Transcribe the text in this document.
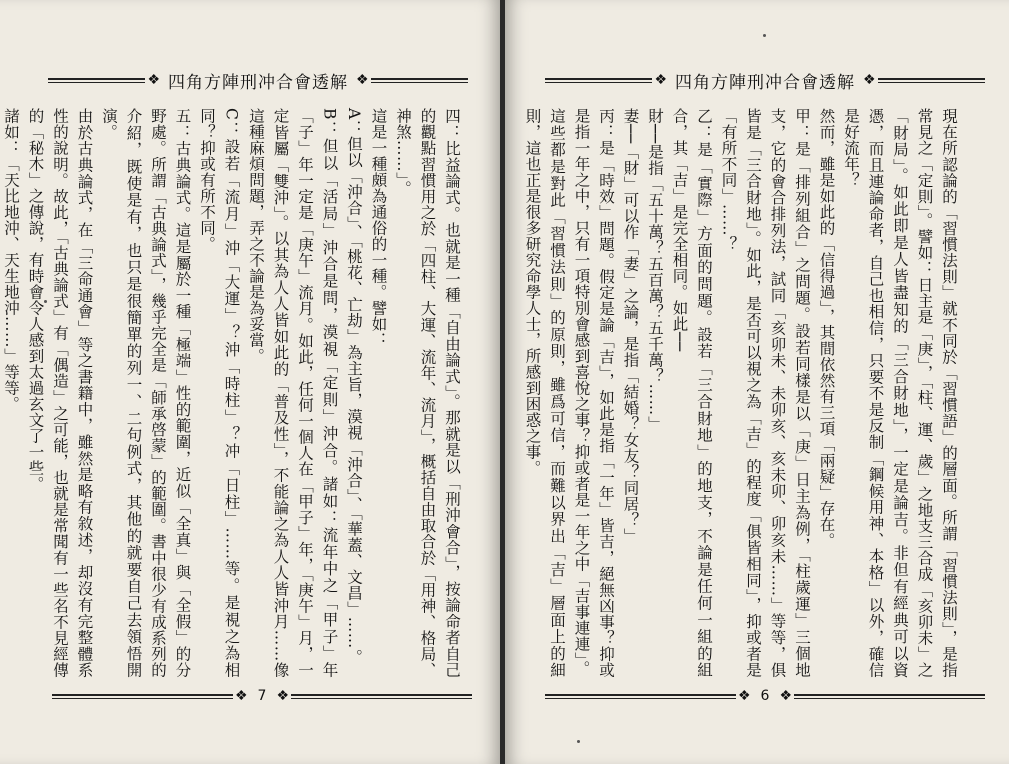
❖ 四角方陣刑冲合會透解 ❖

四：比益論式。也就是一種「自由論式」。那就是以「刑沖會合」，按論命者自己的觀點習慣用之於「四柱、大運、流年、流月」，概括自由取合於「用神、格局、神煞……」。

這是一種頗為通俗的一種。譬如：

A：但以「沖合」、「桃花、亡劫」為主旨，漠視「沖合」、「華蓋、文昌」……。

B：但以「活局」沖合是問，漠視「定則」沖合。諸如：流年中之「甲子」年「子」年一定是「庚午」流月。如此，任何一個人在「甲子」年，「庚午」月，一定皆屬「雙沖」。以其為人人皆如此的「普及性」，不能論之為人人皆沖月……像這種麻煩問題，弄之不論是為妥當。

C：設若「流月」沖「大運」？沖「時柱」？冲「日柱」……等。是視之為相同？抑或有所不同。

五：古典論式。這是屬於一種「極端」性的範圍，近似「全真」與「全假」的分野處。所謂「古典論式」，幾乎完全是「師承啓蒙」的範圍。書中很少有成系列的介紹，既使是有，也只是很簡單的列一、二句例式，其他的就要自己去領悟開演。

由於古典論式，在「三命通會」等之書籍中，雖然是略有敘述，却沒有完整體系性的說明。故此，「古典論式」有「偶造」之可能，也就是常聞有一些名不見經傳的「秘木」之傳說，有時會令人感到太過玄文了一些。

諸如：「天比地沖、天生地沖……」等等。

❖ 7 ❖
❖ 四角方陣刑冲合會透解 ❖

現在所認論的「習慣法則」就不同於「習慣語」的層面。所謂「習慣法則」，是指常見之「定則」。譬如：日主是「庚」，「柱、運、歲」之地支三合成「亥卯未」之「財局」。如此即是人皆盡知的「三合財地」，一定是論吉。非但有經典可以資憑，而且連論命者，自己也相信，只要不是反制「鋼候用神、本格」以外，確信是好流年？

然而，雖是如此的「信得過」，其間依然有三項「兩疑」存在。

甲：是「排列組合」之問題。設若同樣是以「庚」日主為例，「柱歲運」三個地支，它的會合排列法，試同「亥卯未、未卯亥、亥未卯、卯亥未……」等等，俱皆是「三合財地」。如此，是否可以視之為「吉」的程度「俱皆相同」，抑或者是「有所不同」……？

乙：是「實際」方面的問題。設若「三合財地」的地支，不論是任何一組的組合，其「吉」是完全相同。如此──

財──是指「五十萬？五百萬？五千萬？……」

妻──「財」可以作「妻」之論，是指「結婚？女友？同居？」

丙：是「時效」問題。假定是論「吉」，如此是指「一年」皆吉，絕無凶事？抑或是指一年之中，只有一項特別會感到喜悅之事？抑或者是一年之中「吉事連連」。

這些都是對此「習慣法則」的原則，雖爲可信，而難以界出「吉」層面上的細則，這也正是很多研究命學人士，所感到困惑之事。

❖ 6 ❖
